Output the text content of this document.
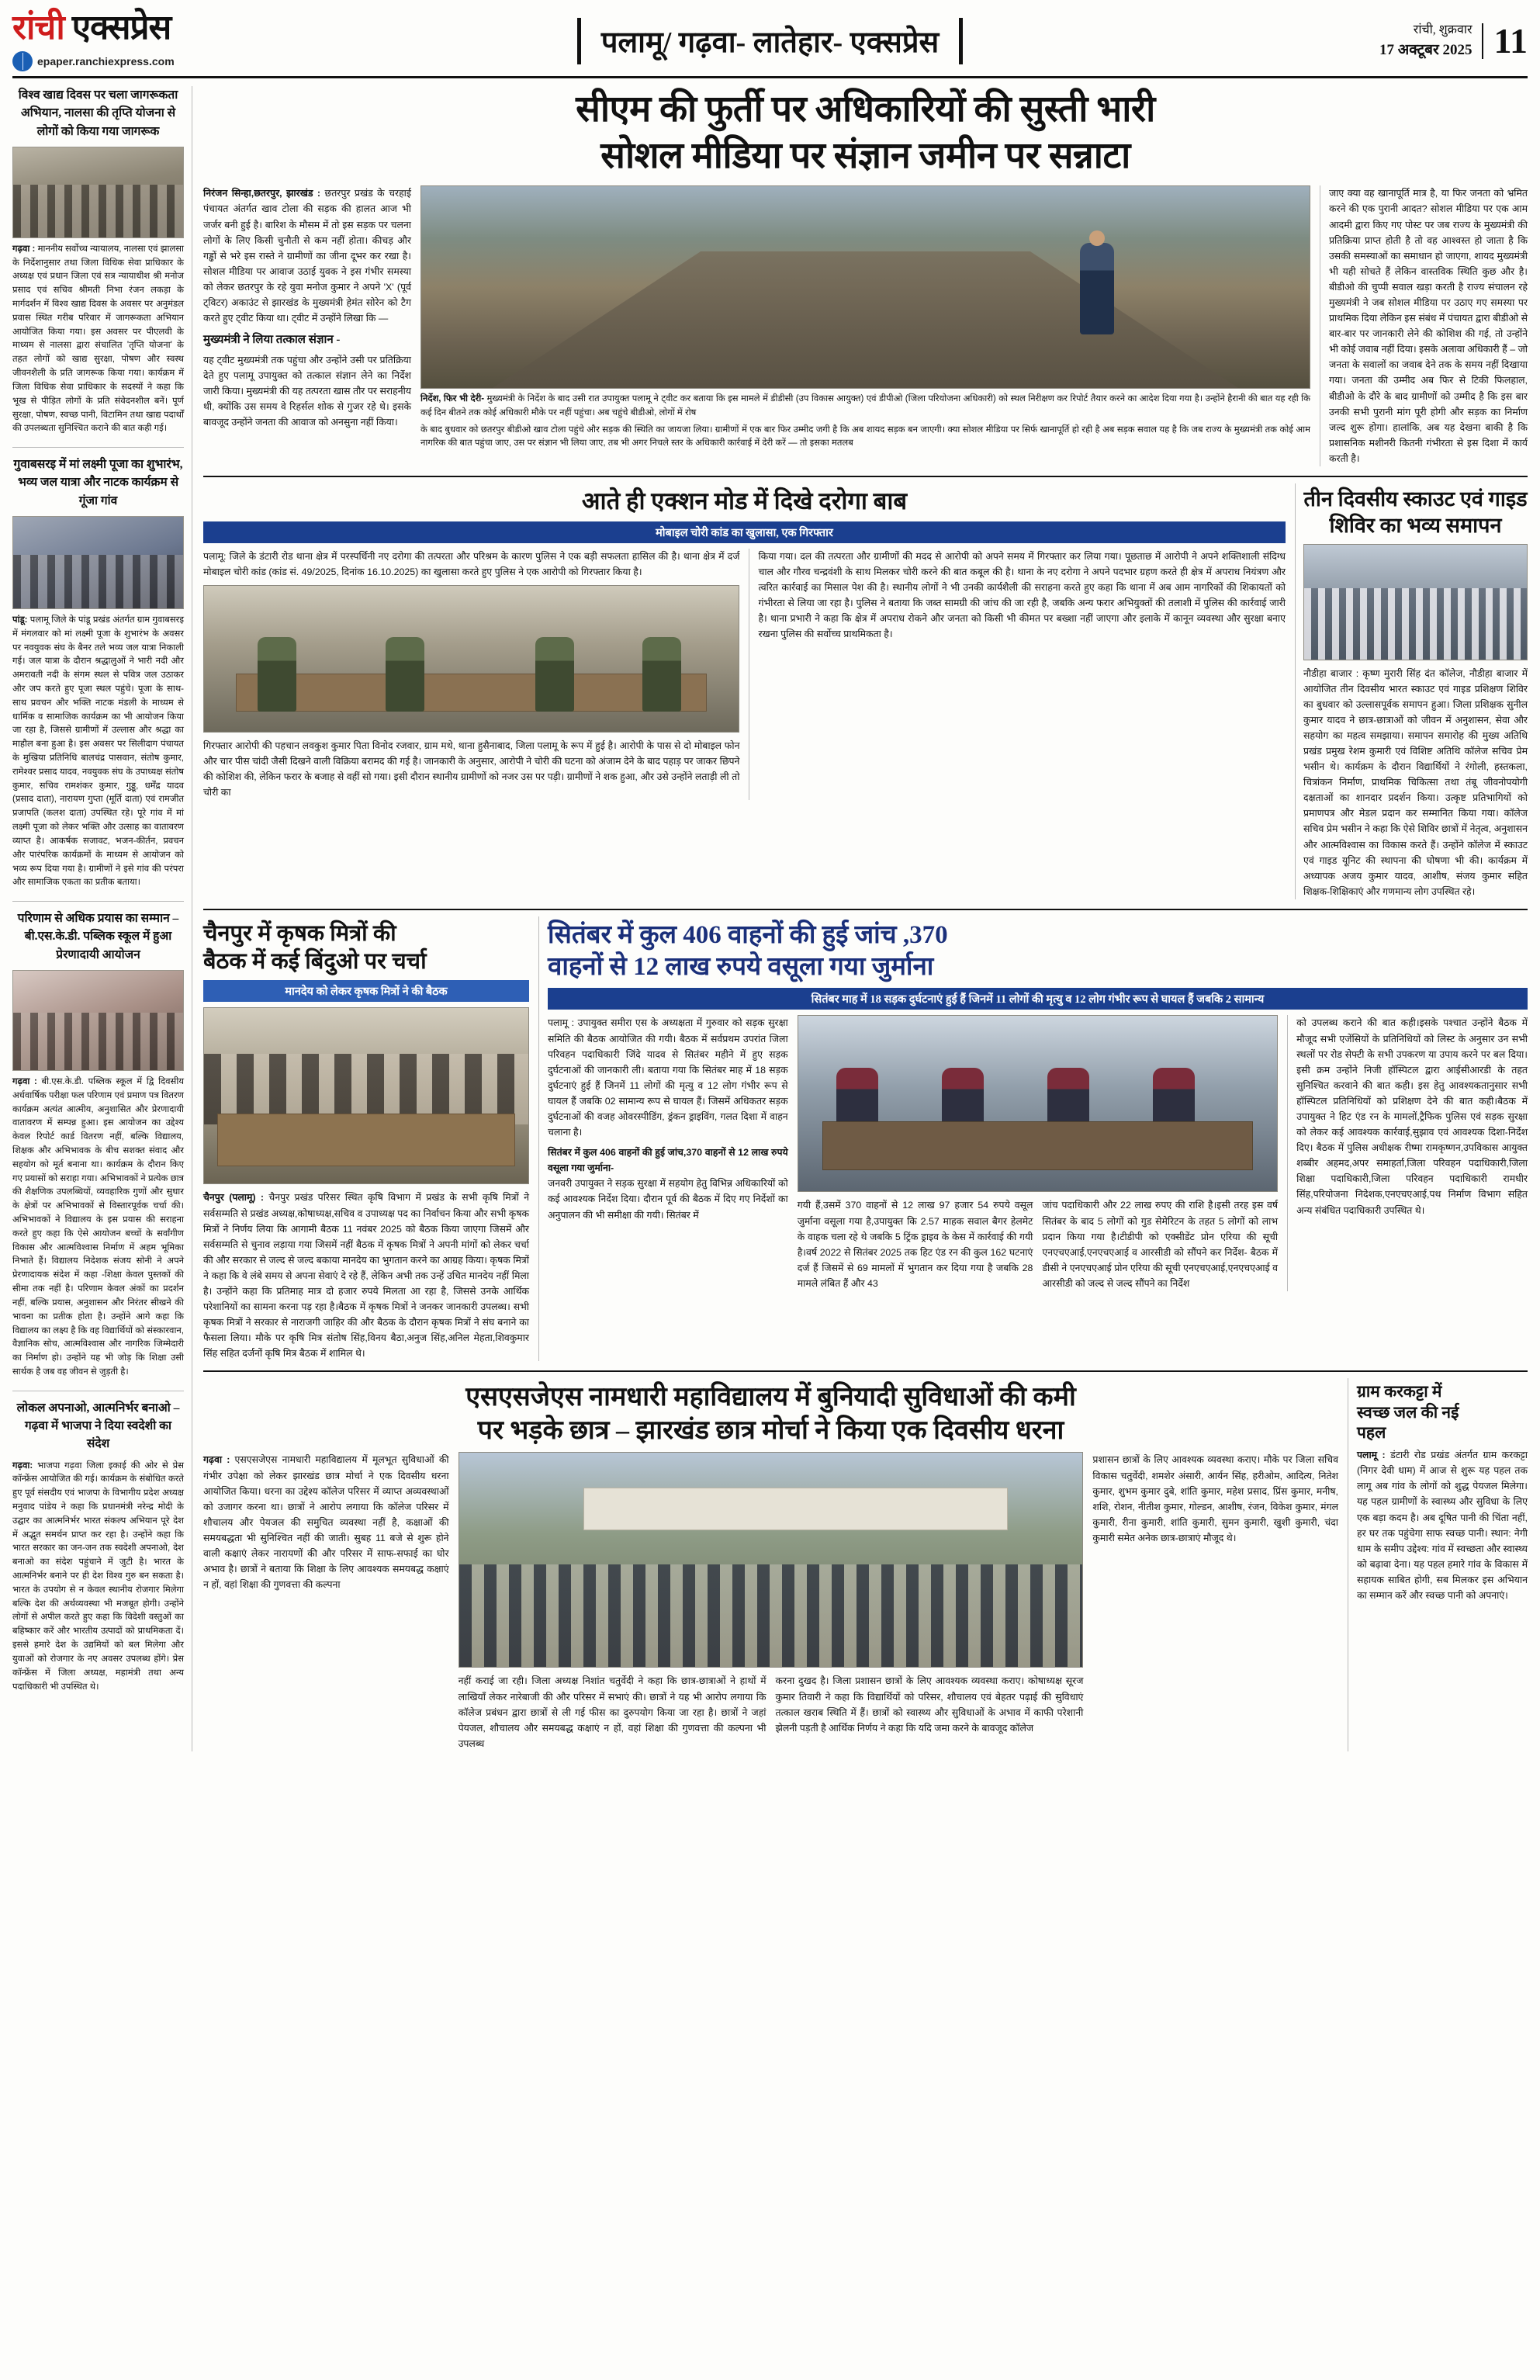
रांची एक्सप्रेस
epaper.ranchiexpress.com
पलामू/ गढ़वा- लातेहार- एक्सप्रेस	रांची, शुक्रवार
17 अक्टूबर 2025 11
विश्व खाद्य दिवस पर चला जागरूकता अभियान, नालसा की तृप्ति योजना से लोगों को किया गया जागरूक
गढ़वा : माननीय सर्वोच्च न्यायालय, नालसा एवं झालसा के निर्देशानुसार तथा जिला विधिक सेवा प्राधिकार के अध्यक्ष एवं प्रधान जिला एवं सत्र न्यायाधीश श्री मनोज प्रसाद एवं सचिव श्रीमती निभा रंजन लकड़ा के मार्गदर्शन में विश्व खाद्य दिवस के अवसर पर अनुमंडल प्रवास स्थित गरीब परिवार में जागरूकता अभियान आयोजित किया गया। इस अवसर पर पीएलवी के माध्यम से नालसा द्वारा संचालित 'तृप्ति योजना' के तहत लोगों को खाद्य सुरक्षा, पोषण और स्वस्थ जीवनशैली के प्रति जागरूक किया गया। कार्यक्रम में जिला विधिक सेवा प्राधिकार के सदस्यों ने कहा कि भूख से पीड़ित लोगों के प्रति संवेदनशील बनें। पूर्ण सुरक्षा, पोषण, स्वच्छ पानी, विटामिन तथा खाद्य पदार्थों की उपलब्धता सुनिश्चित कराने की बात कही गई।
गुवाबसरइ में मां लक्ष्मी पूजा का शुभारंभ, भव्य जल यात्रा और नाटक कार्यक्रम से गूंजा गांव
पांडू: पलामू जिले के पांडू प्रखंड अंतर्गत ग्राम गुवाबसरइ में मंगलवार को मां लक्ष्मी पूजा के शुभारंभ के अवसर पर नवयुवक संघ के बैनर तले भव्य जल यात्रा निकाली गई। जल यात्रा के दौरान श्रद्धालुओं ने भारी नदी और अमरावती नदी के संगम स्थल से पवित्र जल उठाकर और जप करते हुए पूजा स्थल पहुंचे। पूजा के साथ-साथ प्रवचन और भक्ति नाटक मंडली के माध्यम से धार्मिक व सामाजिक कार्यक्रम का भी आयोजन किया जा रहा है, जिससे ग्रामीणों में उल्लास और श्रद्धा का माहौल बना हुआ है। इस अवसर पर सिलीदाग पंचायत के मुखिया प्रतिनिधि बालचंद्र पासवान, संतोष कुमार, रामेश्वर प्रसाद यादव, नवयुवक संघ के उपाध्यक्ष संतोष कुमार, सचिव रामशंकर कुमार, गुड्डू, धर्मेंद्र यादव (प्रसाद दाता), नारायण गुप्ता (मूर्ति दाता) एवं रामजीत प्रजापति (कलश दाता) उपस्थित रहे। पूरे गांव में मां लक्ष्मी पूजा को लेकर भक्ति और उत्साह का वातावरण व्याप्त है। आकर्षक सजावट, भजन-कीर्तन, प्रवचन और पारंपरिक कार्यक्रमों के माध्यम से आयोजन को भव्य रूप दिया गया है। ग्रामीणों ने इसे गांव की परंपरा और सामाजिक एकता का प्रतीक बताया।
परिणाम से अधिक प्रयास का सम्मान – बी.एस.के.डी. पब्लिक स्कूल में हुआ प्रेरणादायी आयोजन
गढ़वा : बी.एस.के.डी. पब्लिक स्कूल में द्वि दिवसीय अर्धवार्षिक परीक्षा फल परिणाम एवं प्रमाण पत्र वितरण कार्यक्रम अत्यंत आत्मीय, अनुशासित और प्रेरणादायी वातावरण में सम्पन्न हुआ। इस आयोजन का उद्देश्य केवल रिपोर्ट कार्ड वितरण नहीं, बल्कि विद्यालय, शिक्षक और अभिभावक के बीच सशक्त संवाद और सहयोग को मूर्त बनाना था। कार्यक्रम के दौरान किए गए प्रयासों को सराहा गया। अभिभावकों ने प्रत्येक छात्र की शैक्षणिक उपलब्धियों, व्यवहारिक गुणों और सुधार के क्षेत्रों पर अभिभावकों से विस्तारपूर्वक चर्चा की। अभिभावकों ने विद्यालय के इस प्रयास की सराहना करते हुए कहा कि ऐसे आयोजन बच्चों के सर्वांगीण विकास और आत्मविश्वास निर्माण में अहम भूमिका निभाते हैं। विद्यालय निदेशक संजय सोनी ने अपने प्रेरणादायक संदेश में कहा -शिक्षा केवल पुस्तकों की सीमा तक नहीं है। परिणाम केवल अंकों का प्रदर्शन नहीं, बल्कि प्रयास, अनुशासन और निरंतर सीखने की भावना का प्रतीक होता है। उन्होंने आगे कहा कि विद्यालय का लक्ष्य है कि वह विद्यार्थियों को संस्कारवान, वैज्ञानिक सोच, आत्मविश्वास और नागरिक जिम्मेदारी का निर्माण हो। उन्होंने यह भी जोड़ कि शिक्षा उसी सार्थक है जब वह जीवन से जुड़ती है।
लोकल अपनाओ, आत्मनिर्भर बनाओ – गढ़वा में भाजपा ने दिया स्वदेशी का संदेश
गढ़वा: भाजपा गढ़वा जिला इकाई की ओर से प्रेस कॉन्फ्रेंस आयोजित की गई। कार्यक्रम के संबोधित करते हुए पूर्व संसदीय एवं भाजपा के विभागीय प्रदेश अध्यक्ष मनुवाद पांडेय ने कहा कि प्रधानमंत्री नरेन्द्र मोदी के उद्घार का आत्मनिर्भर भारत संकल्प अभियान पूरे देश में अद्भुत समर्थन प्राप्त कर रहा है। उन्होंने कहा कि भारत सरकार का जन-जन तक स्वदेशी अपनाओ, देश बनाओ का संदेश पहुंचाने में जुटी है। भारत के आत्मनिर्भर बनाने पर ही देश विश्व गुरु बन सकता है। भारत के उपयोग से न केवल स्थानीय रोजगार मिलेगा बल्कि देश की अर्थव्यवस्था भी मजबूत होगी। उन्होंने लोगों से अपील करते हुए कहा कि विदेशी वस्तुओं का बहिष्कार करें और भारतीय उत्पादों को प्राथमिकता दें। इससे हमारे देश के उद्यमियों को बल मिलेगा और युवाओं को रोजगार के नए अवसर उपलब्ध होंगे। प्रेस कॉन्फ्रेंस में जिला अध्यक्ष, महामंत्री तथा अन्य पदाधिकारी भी उपस्थित थे।
सीएम की फुर्ती पर अधिकारियों की सुस्ती भारी
सोशल मीडिया पर संज्ञान जमीन पर सन्नाटा
निरंजन सिन्हा,छतरपुर, झारखंड : छतरपुर प्रखंड के चरहाई पंचायत अंतर्गत खाव टोला की सड़क की हालत आज भी जर्जर बनी हुई है। बारिश के मौसम में तो इस सड़क पर चलना लोगों के लिए किसी चुनौती से कम नहीं होता। कीचड़ और गड्ढों से भरे इस रास्ते ने ग्रामीणों का जीना दूभर कर रखा है। सोशल मीडिया पर आवाज उठाई युवक ने इस गंभीर समस्या को लेकर छतरपुर के रहे युवा मनोज कुमार ने अपने 'X' (पूर्व ट्विटर) अकाउंट से झारखंड के मुख्यमंत्री हेमंत सोरेन को टैग करते हुए ट्वीट किया था। ट्वीट में उन्होंने लिखा कि —
मुख्यमंत्री ने लिया तत्काल संज्ञान -
यह ट्वीट मुख्यमंत्री तक पहुंचा और उन्होंने उसी पर प्रतिक्रिया देते हुए पलामू उपायुक्त को तत्काल संज्ञान लेने का निर्देश जारी किया। मुख्यमंत्री की यह तत्परता खास तौर पर सराहनीय थी, क्योंकि उस समय वे रिहर्सल शोक से गुजर रहे थे। इसके बावजूद उन्होंने जनता की आवाज को अनसुना नहीं किया।
निर्देश, फिर भी देरी- मुख्यमंत्री के निर्देश के बाद उसी रात उपायुक्त पलामू ने ट्वीट कर बताया कि इस मामले में डीडीसी (उप विकास आयुक्त) एवं डीपीओ (जिला परियोजना अधिकारी) को स्थल निरीक्षण कर रिपोर्ट तैयार करने का आदेश दिया गया है। उन्होंने हैरानी की बात यह रही कि कई दिन बीतने तक कोई अधिकारी मौके पर नहीं पहुंचा। अब चहुंचे बीडीओ, लोगों में रोष
के बाद बुधवार को छतरपुर बीडीओ खाव टोला पहुंचे और सड़क की स्थिति का जायजा लिया। ग्रामीणों में एक बार फिर उम्मीद जगी है कि अब शायद सड़क बन जाएगी। क्या सोशल मीडिया पर सिर्फ खानापूर्ति हो रही है अब सड़क सवाल यह है कि जब राज्य के मुख्यमंत्री तक कोई आम नागरिक की बात पहुंचा जाए, उस पर संज्ञान भी लिया जाए, तब भी अगर निचले स्तर के अधिकारी कार्रवाई में देरी करें — तो इसका मतलब
जाए क्या वह खानापूर्ति मात्र है, या फिर जनता को भ्रमित करने की एक पुरानी आदत? सोशल मीडिया पर एक आम आदमी द्वारा किए गए पोस्ट पर जब राज्य के मुख्यमंत्री की प्रतिक्रिया प्राप्त होती है तो वह आश्वस्त हो जाता है कि उसकी समस्याओं का समाधान हो जाएगा, शायद मुख्यमंत्री भी यही सोचते हैं लेकिन वास्तविक स्थिति कुछ और है। बीडीओ की चुप्पी सवाल खड़ा करती है राज्य संचालन रहे मुख्यमंत्री ने जब सोशल मीडिया पर उठाए गए समस्या पर प्राथमिक दिया लेकिन इस संबंध में पंचायत द्वारा बीडीओ से बार-बार पर जानकारी लेने की कोशिश की गई, तो उन्होंने भी कोई जवाब नहीं दिया। इसके अलावा अधिकारी हैं – जो जनता के सवालों का जवाब देने तक के समय नहीं दिखाया गया। जनता की उम्मीद अब फिर से टिकी फिलहाल, बीडीओ के दौरे के बाद ग्रामीणों को उम्मीद है कि इस बार उनकी सभी पुरानी मांग पूरी होगी और सड़क का निर्माण जल्द शुरू होगा। हालांकि, अब यह देखना बाकी है कि प्रशासनिक मशीनरी कितनी गंभीरता से इस दिशा में कार्य करती है।
आते ही एक्शन मोड में दिखे दरोगा बाब
मोबाइल चोरी कांड का खुलासा, एक गिरफ्तार
पलामू: जिले के डंटारी रोड थाना क्षेत्र में परस्पर्धिनी नए दरोगा की तत्परता और परिश्रम के कारण पुलिस ने एक बड़ी सफलता हासिल की है। थाना क्षेत्र में दर्ज मोबाइल चोरी कांड (कांड सं. 49/2025, दिनांक 16.10.2025) का खुलासा करते हुए पुलिस ने एक आरोपी को गिरफ्तार किया है।
गिरफ्तार आरोपी की पहचान लवकुश कुमार पिता विनोद रजवार, ग्राम मथे, थाना हुसैनाबाद, जिला पलामू के रूप में हुई है। आरोपी के पास से दो मोबाइल फोन और चार पीस चांदी जैसी दिखने वाली विक्रिया बरामद की गई है। जानकारी के अनुसार, आरोपी ने चोरी की घटना को अंजाम देने के बाद पहाड़ पर जाकर छिपने की कोशिश की, लेकिन फरार के बजाह से वहीं सो गया। इसी दौरान स्थानीय ग्रामीणों को नजर उस पर पड़ी। ग्रामीणों ने शक हुआ, और उसे उन्होंने लताड़ी ली तो चोरी का
किया गया। दल की तत्परता और ग्रामीणों की मदद से आरोपी को अपने समय में गिरफ्तार कर लिया गया। पूछताछ में आरोपी ने अपने शक्तिशाली संदिग्ध चाल और गौरव चन्द्रवंशी के साथ मिलकर चोरी करने की बात कबूल की है। थाना के नए दरोगा ने अपने पदभार ग्रहण करते ही क्षेत्र में अपराध नियंत्रण और त्वरित कार्रवाई का मिसाल पेश की है। स्थानीय लोगों ने भी उनकी कार्यशैली की सराहना करते हुए कहा कि थाना में अब आम नागरिकों की शिकायतों को गंभीरता से लिया जा रहा है। पुलिस ने बताया कि जब्त सामग्री की जांच की जा रही है, जबकि अन्य फरार अभियुक्तों की तलाशी में पुलिस की कार्रवाई जारी है। थाना प्रभारी ने कहा कि क्षेत्र में अपराध रोकने और जनता को किसी भी कीमत पर बख्शा नहीं जाएगा और इलाके में कानून व्यवस्था और सुरक्षा बनाए रखना पुलिस की सर्वोच्च प्राथमिकता है।
तीन दिवसीय स्काउट एवं गाइड
शिविर का भव्य समापन
नौडीहा बाजार : कृष्ण मुरारी सिंह दंत कॉलेज, नौडीहा बाजार में आयोजित तीन दिवसीय भारत स्काउट एवं गाइड प्रशिक्षण शिविर का बुधवार को उल्लासपूर्वक समापन हुआ। जिला प्रशिक्षक सुनील कुमार यादव ने छात्र-छात्राओं को जीवन में अनुशासन, सेवा और सहयोग का महत्व समझाया। समापन समारोह की मुख्य अतिथि प्रखंड प्रमुख रेशम कुमारी एवं विशिष्ट अतिथि कॉलेज सचिव प्रेम भसीन थे। कार्यक्रम के दौरान विद्यार्थियों ने रंगोली, हस्तकला, चित्रांकन निर्माण, प्राथमिक चिकित्सा तथा तंबू जीवनोपयोगी दक्षताओं का शानदार प्रदर्शन किया। उत्कृष्ट प्रतिभागियों को प्रमाणपत्र और मेडल प्रदान कर सम्मानित किया गया। कॉलेज सचिव प्रेम भसीन ने कहा कि ऐसे शिविर छात्रों में नेतृत्व, अनुशासन और आत्मविश्वास का विकास करते हैं। उन्होंने कॉलेज में स्काउट एवं गाइड यूनिट की स्थापना की घोषणा भी की। कार्यक्रम में अध्यापक अजय कुमार यादव, आशीष, संजय कुमार सहित शिक्षक-शिक्षिकाएं और गणमान्य लोग उपस्थित रहे।
चैनपुर में कृषक मित्रों की
बैठक में कई बिंदुओ पर चर्चा
मानदेय को लेकर कृषक मित्रों ने की बैठक
चैनपुर (पलामू) : चैनपुर प्रखंड परिसर स्थित कृषि विभाग में प्रखंड के सभी कृषि मित्रों ने सर्वसम्मति से प्रखंड अध्यक्ष,कोषाध्यक्ष,सचिव व उपाध्यक्ष पद का निर्वाचन किया और सभी कृषक मित्रों ने निर्णय लिया कि आगामी बैठक 11 नवंबर 2025 को बैठक किया जाएगा जिसमें और सर्वसम्मति से चुनाव लड़ाया गया जिसमें नहीं बैठक में कृषक मित्रों ने अपनी मांगों को लेकर चर्चा की और सरकार से जल्द से जल्द बकाया मानदेय का भुगतान करने का आग्रह किया। कृषक मित्रों ने कहा कि वे लंबे समय से अपना सेवाएं दे रहे हैं, लेकिन अभी तक उन्हें उचित मानदेय नहीं मिला है। उन्होंने कहा कि प्रतिमाह मात्र दो हजार रुपये मिलता आ रहा है, जिससे उनके आर्थिक परेशानियों का सामना करना पड़ रहा है।बैठक में कृषक मित्रों ने जनकर जानकारी उपलब्ध। सभी कृषक मित्रों ने सरकार से नाराजगी जाहिर की और बैठक के दौरान कृषक मित्रों ने संघ बनाने का फैसला लिया। मौके पर कृषि मित्र संतोष सिंह,विनय बैठा,अनुज सिंह,अनिल मेहता,शिवकुमार सिंह सहित दर्जनों कृषि मित्र बैठक में शामिल थे।
सितंबर में कुल 406 वाहनों की हुई जांच ,370
वाहनों से 12 लाख रुपये वसूला गया जुर्माना
सितंबर माह में 18 सड़क दुर्घटनाएं हुई हैं जिनमें 11 लोगों की मृत्यु व 12 लोग गंभीर रूप से घायल हैं जबकि 2 सामान्य
पलामू : उपायुक्त समीरा एस के अध्यक्षता में गुरुवार को सड़क सुरक्षा समिति की बैठक आयोजित की गयी। बैठक में सर्वप्रथम उपरांत जिला परिवहन पदाधिकारी जिंदे यादव से सितंबर महीने में हुए सड़क दुर्घटनाओं की जानकारी ली। बताया गया कि सितंबर माह में 18 सड़क दुर्घटनाएं हुई हैं जिनमें 11 लोगों की मृत्यु व 12 लोग गंभीर रूप से घायल हैं जबकि 02 सामान्य रूप से घायल हैं। जिसमें अधिकतर सड़क दुर्घटनाओं की वजह ओवरस्पीडिंग, ड्रंकन ड्राइविंग, गलत दिशा में वाहन चलाना है।
सितंबर में कुल 406 वाहनों की हुई जांच,370 वाहनों से 12 लाख रुपये वसूला गया जुर्माना-
जनवरी उपायुक्त ने सड़क सुरक्षा में सहयोग हेतु विभिन्न अधिकारियों को कई आवश्यक निर्देश दिया। दौरान पूर्व की बैठक में दिए गए निर्देशों का अनुपालन की भी समीक्षा की गयी। सितंबर में
गयी हैं,उसमें 370 वाहनों से 12 लाख 97 हजार 54 रुपये वसूल जुर्माना वसूला गया है,उपायुक्त कि 2.57 माहक सवाल बैगर हेलमेट के वाहक चला रहे थे जबकि 5 ट्रिंक ड्राइव के केस में कार्रवाई की गयी है।वर्ष 2022 से सितंबर 2025 तक हिट एंड रन की कुल 162 घटनाएं दर्ज हैं जिसमें से 69 मामलों में भुगतान कर दिया गया है जबकि 28 मामले लंबित हैं और 43
जांच पदाधिकारी और 22 लाख रुपए की राशि है।इसी तरह इस वर्ष सितंबर के बाद 5 लोगों को गुड सेमेरिटन के तहत 5 लोगों को लाभ प्रदान किया गया है।टीडीपी को एक्सीडेंट प्रोन एरिया की सूची एनएचएआई,एनएचएआई व आरसीडी को सौंपने कर निर्देश- बैठक में डीसी ने एनएचएआई प्रोन एरिया की सूची एनएचएआई,एनएचएआई व आरसीडी को जल्द से जल्द सौंपने का निर्देश
को उपलब्ध कराने की बात कही।इसके पश्चात उन्होंने बैठक में मौजूद सभी एजेंसियों के प्रतिनिधियों को लिस्ट के अनुसार उन सभी स्थलों पर रोड सेफ्टी के सभी उपकरण या उपाय करने पर बल दिया।इसी क्रम उन्होंने निजी हॉस्पिटल द्वारा आईसीआरडी के तहत सुनिश्चित करवाने की बात कही। इस हेतु आवश्यकतानुसार सभी हॉस्पिटल प्रतिनिधियों को प्रशिक्षण देने की बात कही।बैठक में उपायुक्त ने हिट एंड रन के मामलों,ट्रैफिक पुलिस एवं सड़क सुरक्षा को लेकर कई आवश्यक कार्रवाई,सुझाव एवं आवश्यक दिशा-निर्देश दिए। बैठक में पुलिस अधीक्षक रीष्मा रामकृष्णन,उपविकास आयुक्त शब्बीर अहमद,अपर समाहर्ता,जिला परिवहन पदाधिकारी,जिला शिक्षा पदाधिकारी,जिला परिवहन पदाधिकारी रामधीर सिंह,परियोजना निदेशक,एनएचएआई,पथ निर्माण विभाग सहित अन्य संबंधित पदाधिकारी उपस्थित थे।
एसएसजेएस नामधारी महाविद्यालय में बुनियादी सुविधाओं की कमी
पर भड़के छात्र – झारखंड छात्र मोर्चा ने किया एक दिवसीय धरना
गढ़वा : एसएसजेएस नामधारी महाविद्यालय में मूलभूत सुविधाओं की गंभीर उपेक्षा को लेकर झारखंड छात्र मोर्चा ने एक दिवसीय धरना आयोजित किया। धरना का उद्देश्य कॉलेज परिसर में व्याप्त अव्यवस्थाओं को उजागर करना था। छात्रों ने आरोप लगाया कि कॉलेज परिसर में शौचालय और पेयजल की समुचित व्यवस्था नहीं है, कक्षाओं की समयबद्धता भी सुनिश्चित नहीं की जाती। सुबह 11 बजे से शुरू होने वाली कक्षाएं लेकर नारायणों की और परिसर में साफ-सफाई का घोर अभाव है। छात्रों ने बताया कि शिक्षा के लिए आवश्यक समयबद्ध कक्षाएं न हों, वहां शिक्षा की गुणवत्ता की कल्पना
नहीं कराई जा रही। जिला अध्यक्ष निशांत चतुर्वेदी ने कहा कि छात्र-छात्राओं ने हाथों में लाखियाँ लेकर नारेबाजी की और परिसर में सभाएं की। छात्रों ने यह भी आरोप लगाया कि कॉलेज प्रबंधन द्वारा छात्रों से ली गई फीस का दुरुपयोग किया जा रहा है। छात्रों ने जहां पेयजल, शौचालय और समयबद्ध कक्षाएं न हों, वहां शिक्षा की गुणवत्ता की कल्पना भी उपलब्ध
करना दुखद है। जिला प्रशासन छात्रों के लिए आवश्यक व्यवस्था कराए। कोषाध्यक्ष सूरज कुमार तिवारी ने कहा कि विद्यार्थियों को परिसर, शौचालय एवं बेहतर पढ़ाई की सुविधाएं तत्काल खराब स्थिति में हैं। छात्रों को स्वास्थ्य और सुविधाओं के अभाव में काफी परेशानी झेलनी पड़ती है आर्थिक निर्णय ने कहा कि यदि जमा करने के बावजूद कॉलेज
प्रशासन छात्रों के लिए आवश्यक व्यवस्था कराए। मौके पर जिला सचिव विकास चतुर्वेदी, शमशेर अंसारी, आर्यन सिंह, हरीओम, आदित्य, नितेश कुमार, शुभम कुमार दुबे, शांति कुमार, महेश प्रसाद, प्रिंस कुमार, मनीष, शशि, रोशन, नीतीश कुमार, गोल्डन, आशीष, रंजन, विकेश कुमार, मंगल कुमारी, रीना कुमारी, शांति कुमारी, सुमन कुमारी, खुशी कुमारी, चंदा कुमारी समेत अनेक छात्र-छात्राएं मौजूद थे।
ग्राम करकट्टा में
स्वच्छ जल की नई
पहल
पलामू : डंटारी रोड प्रखंड अंतर्गत ग्राम करकट्टा (निगर देवी धाम) में आज से शुरू यह पहल तक लागू अब गांव के लोगों को शुद्ध पेयजल मिलेगा। यह पहल ग्रामीणों के स्वास्थ्य और सुविधा के लिए एक बड़ा कदम है। अब दूषित पानी की चिंता नहीं, हर घर तक पहुंचेगा साफ स्वच्छ पानी। स्थान: नेगी धाम के समीप उद्देश्य: गांव में स्वच्छता और स्वास्थ्य को बढ़ावा देना। यह पहल हमारे गांव के विकास में सहायक साबित होगी, सब मिलकर इस अभियान का सम्मान करें और स्वच्छ पानी को अपनाएं।
